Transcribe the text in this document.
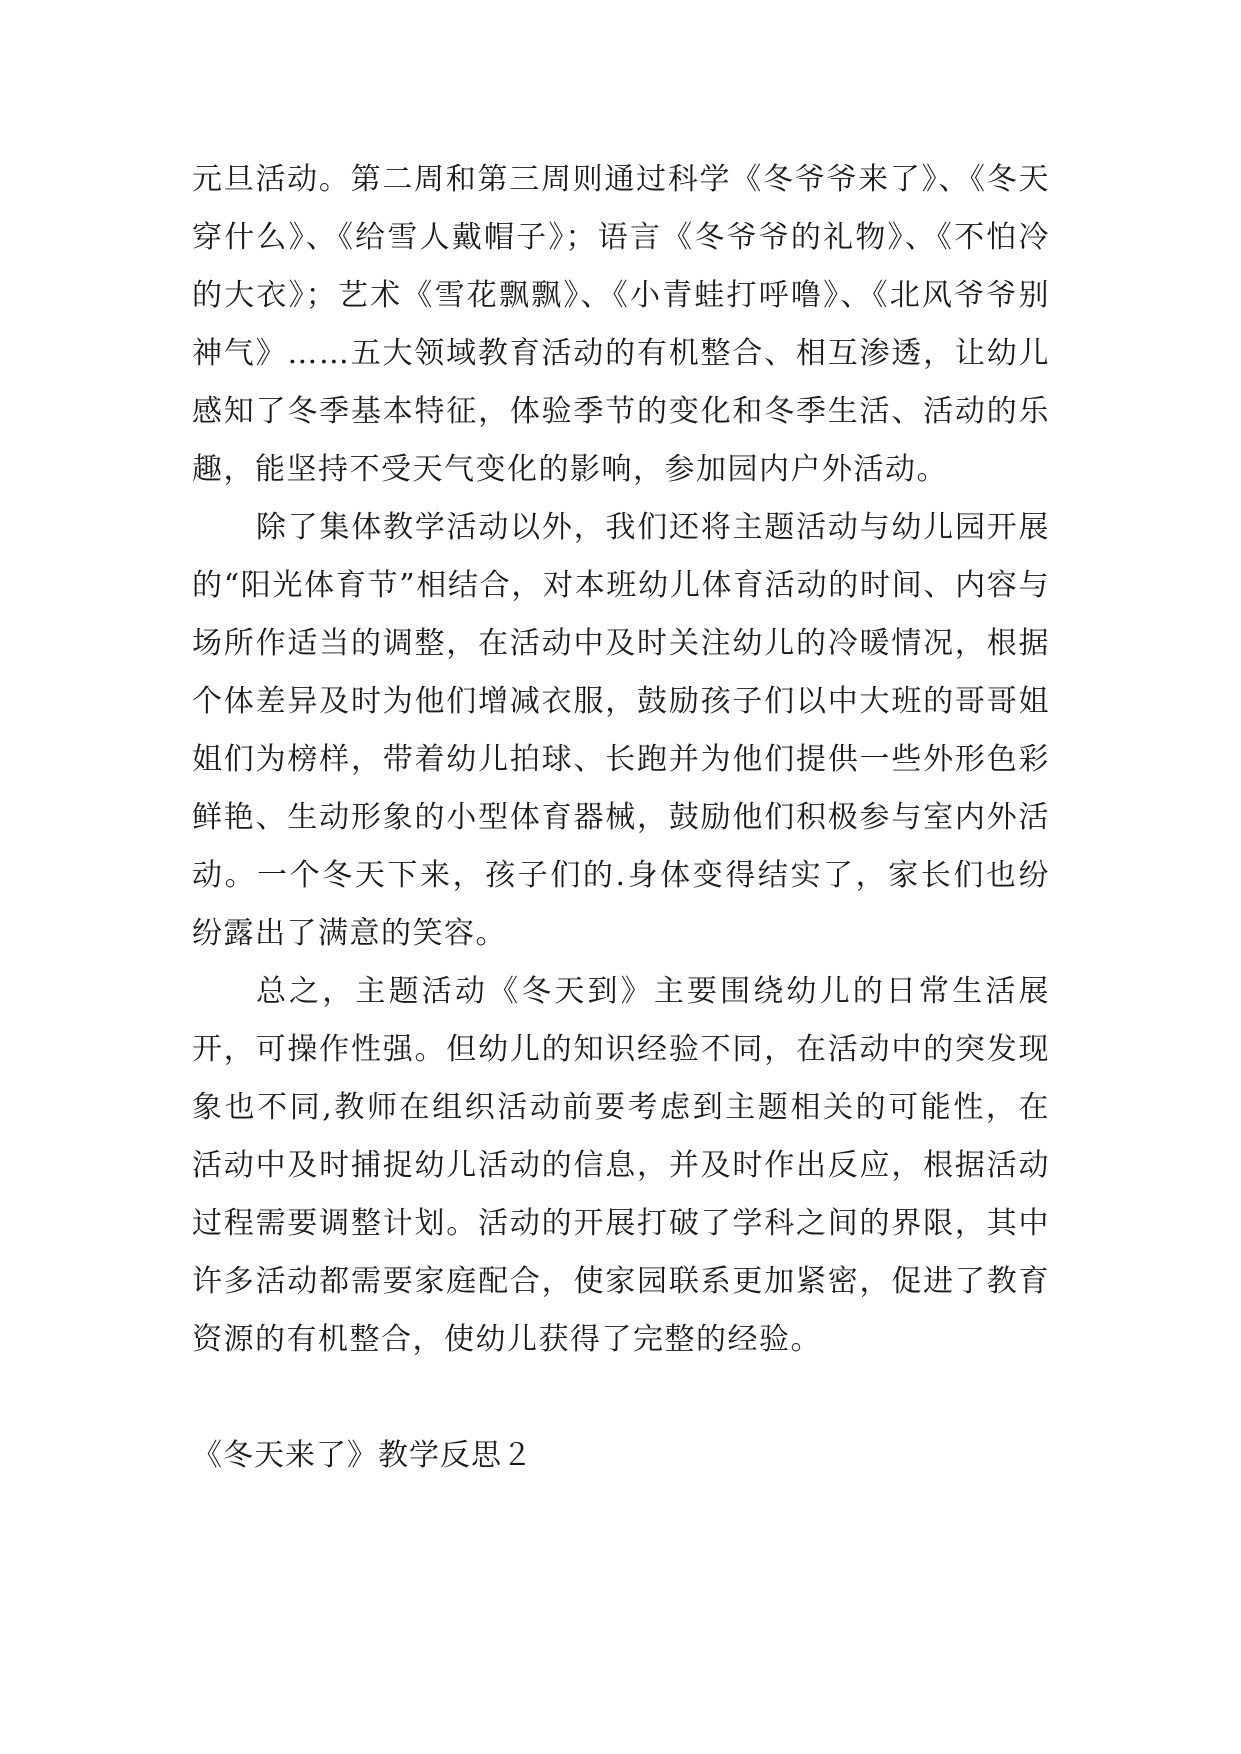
元旦活动。第二周和第三周则通过科学《冬爷爷来了》、《冬天穿什么》、《给雪人戴帽子》；语言《冬爷爷的礼物》、《不怕冷的大衣》；艺术《雪花飘飘》、《小青蛙打呼噜》、《北风爷爷别神气》……五大领域教育活动的有机整合、相互渗透，让幼儿感知了冬季基本特征，体验季节的变化和冬季生活、活动的乐趣，能坚持不受天气变化的影响，参加园内户外活动。

除了集体教学活动以外，我们还将主题活动与幼儿园开展的“阳光体育节”相结合，对本班幼儿体育活动的时间、内容与场所作适当的调整，在活动中及时关注幼儿的冷暖情况，根据个体差异及时为他们增减衣服，鼓励孩子们以中大班的哥哥姐姐们为榜样，带着幼儿拍球、长跑并为他们提供一些外形色彩鲜艳、生动形象的小型体育器械，鼓励他们积极参与室内外活动。一个冬天下来，孩子们的.身体变得结实了，家长们也纷纷露出了满意的笑容。

总之，主题活动《冬天到》主要围绕幼儿的日常生活展开，可操作性强。但幼儿的知识经验不同，在活动中的突发现象也不同,教师在组织活动前要考虑到主题相关的可能性，在活动中及时捕捉幼儿活动的信息，并及时作出反应，根据活动过程需要调整计划。活动的开展打破了学科之间的界限，其中许多活动都需要家庭配合，使家园联系更加紧密，促进了教育资源的有机整合，使幼儿获得了完整的经验。

《冬天来了》教学反思２
